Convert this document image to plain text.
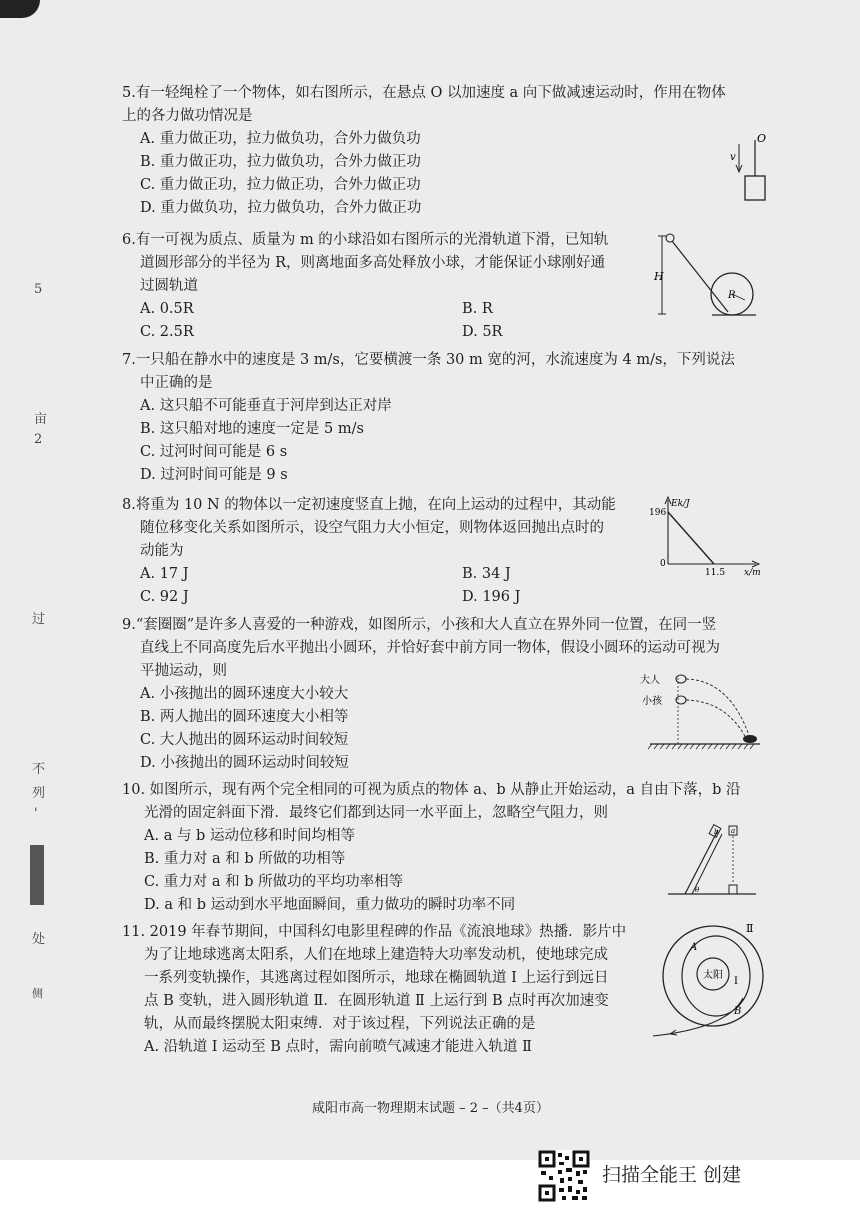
5
亩
2
过
不
列
'
处
侧
5.有一轻绳栓了一个物体，如右图所示，在悬点 O 以加速度 a 向下做减速运动时，作用在物体
上的各力做功情况是
A. 重力做正功，拉力做负功，合外力做负功
B. 重力做正功，拉力做负功，合外力做正功
C. 重力做正功，拉力做正功，合外力做正功
D. 重力做负功，拉力做负功，合外力做正功
O
v
6.有一可视为质点、质量为 m 的小球沿如右图所示的光滑轨道下滑，已知轨
道圆形部分的半径为 R，则离地面多高处释放小球，才能保证小球刚好通
过圆轨道
A. 0.5R	B. R
C. 2.5R	D. 5R
H
R
7.一只船在静水中的速度是 3 m/s，它要横渡一条 30 m 宽的河，水流速度为 4 m/s，下列说法
中正确的是
A. 这只船不可能垂直于河岸到达正对岸
B. 这只船对地的速度一定是 5 m/s
C. 过河时间可能是 6 s
D. 过河时间可能是 9 s
8.将重为 10 N 的物体以一定初速度竖直上抛，在向上运动的过程中，其动能
随位移变化关系如图所示，设空气阻力大小恒定，则物体返回抛出点时的
动能为
A. 17 J	B. 34 J
C. 92 J	D. 196 J
Ek/J
196
0
11.5 x/m
9.“套圈圈”是许多人喜爱的一种游戏，如图所示，小孩和大人直立在界外同一位置，在同一竖
直线上不同高度先后水平抛出小圆环，并恰好套中前方同一物体，假设小圆环的运动可视为
平抛运动，则
A. 小孩抛出的圆环速度大小较大
B. 两人抛出的圆环速度大小相等
C. 大人抛出的圆环运动时间较短
D. 小孩抛出的圆环运动时间较短
大人
小孩
10. 如图所示，现有两个完全相同的可视为质点的物体 a、b 从静止开始运动，a 自由下落，b 沿
光滑的固定斜面下滑．最终它们都到达同一水平面上，忽略空气阻力，则
A. a 与 b 运动位移和时间均相等
B. 重力对 a 和 b 所做的功相等
C. 重力对 a 和 b 所做功的平均功率相等
D. a 和 b 运动到水平地面瞬间，重力做功的瞬时功率不同
a
b
θ
11. 2019 年春节期间，中国科幻电影里程碑的作品《流浪地球》热播．影片中
为了让地球逃离太阳系，人们在地球上建造特大功率发动机，使地球完成
一系列变轨操作，其逃离过程如图所示，地球在椭圆轨道 Ⅰ 上运行到远日
点 B 变轨，进入圆形轨道 Ⅱ．在圆形轨道 Ⅱ 上运行到 B 点时再次加速变
轨，从而最终摆脱太阳束缚．对于该过程，下列说法正确的是
A. 沿轨道 Ⅰ 运动至 B 点时，需向前喷气减速才能进入轨道 Ⅱ
Ⅱ
A
太阳
Ⅰ
B
咸阳市高一物理期末试题 – 2 –（共4页）
扫描全能王 创建
